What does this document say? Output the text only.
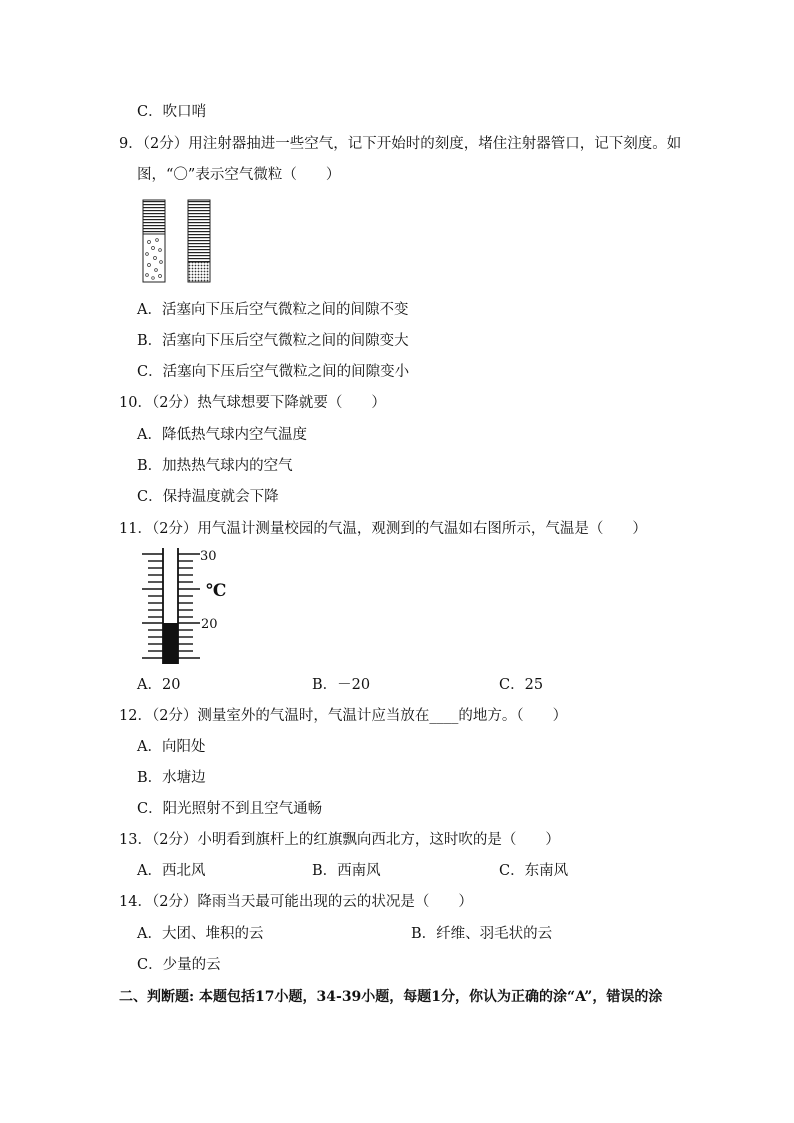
C．吹口哨
9．（2分）用注射器抽进一些空气，记下开始时的刻度，堵住注射器管口，记下刻度。如
图，“〇”表示空气微粒（　　）
A．活塞向下压后空气微粒之间的间隙不变
B．活塞向下压后空气微粒之间的间隙变大
C．活塞向下压后空气微粒之间的间隙变小
10．（2分）热气球想要下降就要（　　）
A．降低热气球内空气温度
B．加热热气球内的空气
C．保持温度就会下降
11．（2分）用气温计测量校园的气温，观测到的气温如右图所示，气温是（　　）
30
20
℃
A．20	B．－20	C．25
12．（2分）测量室外的气温时，气温计应当放在____的地方。（　　）
A．向阳处
B．水塘边
C．阳光照射不到且空气通畅
13．（2分）小明看到旗杆上的红旗飘向西北方，这时吹的是（　　）
A．西北风	B．西南风	C．东南风
14．（2分）降雨当天最可能出现的云的状况是（　　）
A．大团、堆积的云	B．纤维、羽毛状的云
C．少量的云
二、判断题: 本题包括17小题，34-39小题，每题1分，你认为正确的涂“A”，错误的涂
